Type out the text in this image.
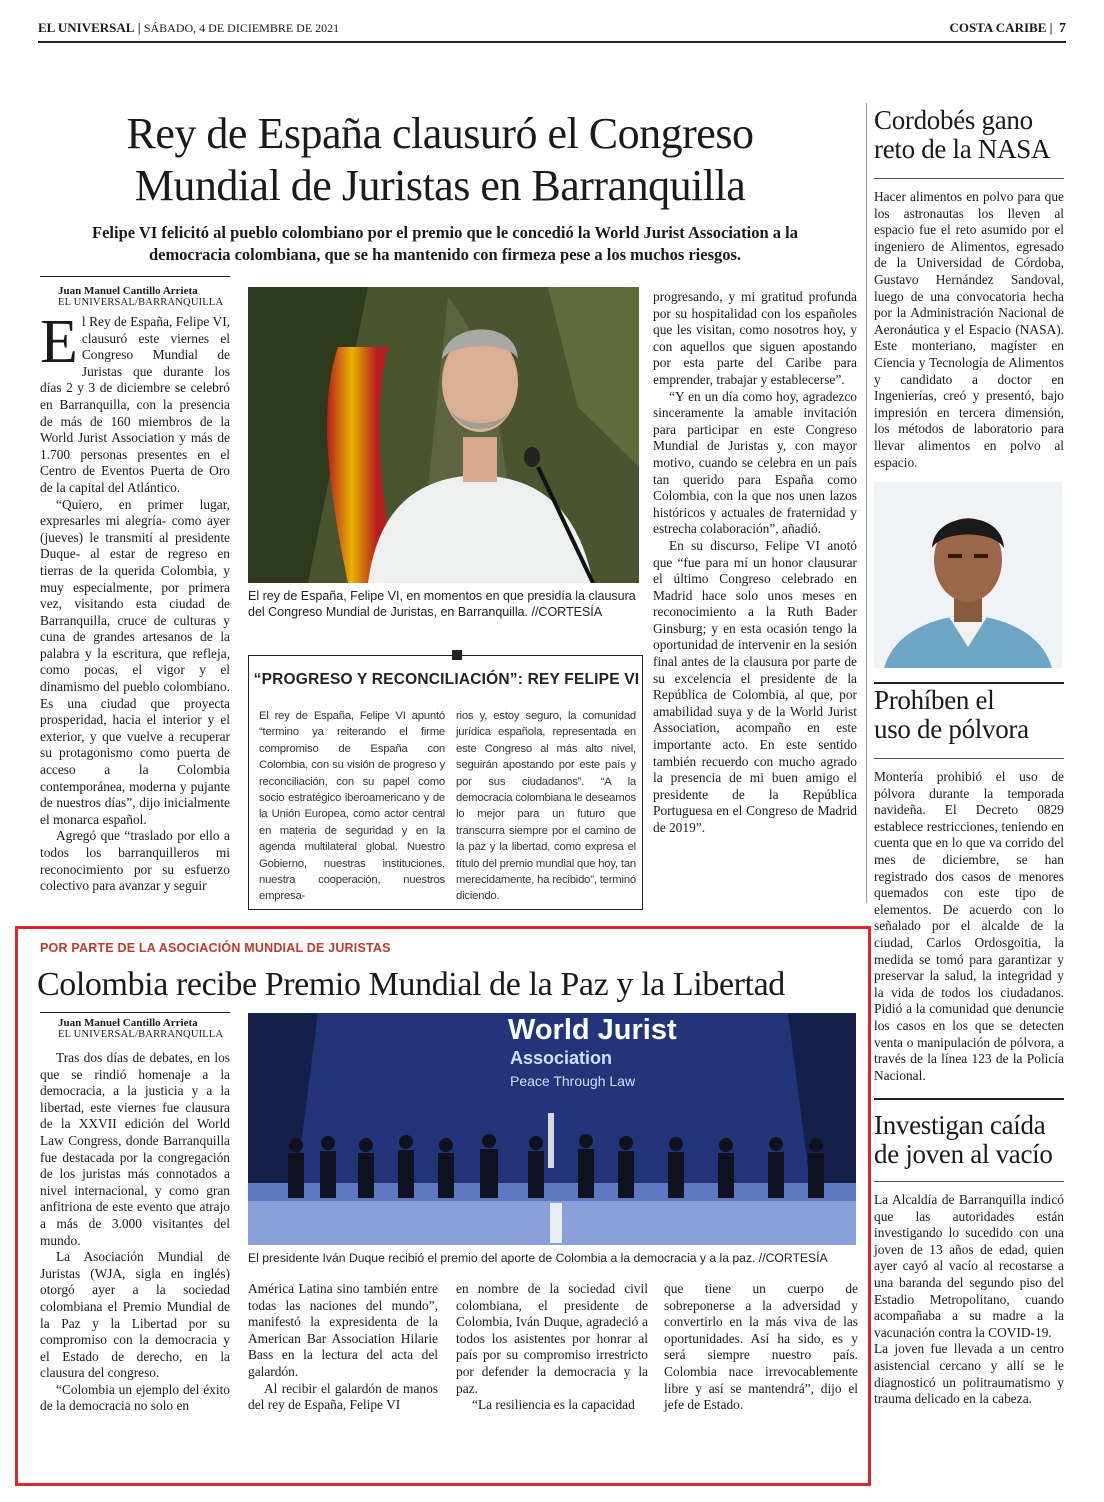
EL UNIVERSAL | SÁBADO, 4 DE DICIEMBRE DE 2021	COSTA CARIBE | 7
Rey de España clausuró el Congreso
Mundial de Juristas en Barranquilla
Felipe VI felicitó al pueblo colombiano por el premio que le concedió la World Jurist Association a la
democracia colombiana, que se ha mantenido con firmeza pese a los muchos riesgos.
Juan Manuel Cantillo Arrieta
EL UNIVERSAL/BARRANQUILLA

El Rey de España, Felipe VI, clausuró este viernes el Congreso Mundial de Juristas que durante los días 2 y 3 de diciembre se celebró en Barranquilla, con la presencia de más de 160 miembros de la World Jurist Association y más de 1.700 personas presentes en el Centro de Eventos Puerta de Oro de la capital del Atlántico.

“Quiero, en primer lugar, expresarles mi alegría- como ayer (jueves) le transmití al presidente Duque- al estar de regreso en tierras de la querida Colombia, y muy especialmente, por primera vez, visitando esta ciudad de Barranquilla, cruce de culturas y cuna de grandes artesanos de la palabra y la escritura, que refleja, como pocas, el vigor y el dinamismo del pueblo colombiano. Es una ciudad que proyecta prosperidad, hacia el interior y el exterior, y que vuelve a recuperar su protagonismo como puerta de acceso a la Colombia contemporánea, moderna y pujante de nuestros días”, dijo inicialmente el monarca español.

Agregó que “traslado por ello a todos los barranquilleros mi reconocimiento por su esfuerzo colectivo para avanzar y seguir

El rey de España, Felipe VI, en momentos en que presidía la clausura del Congreso Mundial de Juristas, en Barranquilla. //CORTESÍA

progresando, y mi gratitud profunda por su hospitalidad con los españoles que les visitan, como nosotros hoy, y con aquellos que siguen apostando por esta parte del Caribe para emprender, trabajar y establecerse”.

“Y en un día como hoy, agradezco sinceramente la amable invitación para participar en este Congreso Mundial de Juristas y, con mayor motivo, cuando se celebra en un país tan querido para España como Colombia, con la que nos unen lazos históricos y actuales de fraternidad y estrecha colaboración”, añadió.

En su discurso, Felipe VI anotó que “fue para mí un honor clausurar el último Congreso celebrado en Madrid hace solo unos meses en reconocimiento a la Ruth Bader Ginsburg; y en esta ocasión tengo la oportunidad de intervenir en la sesión final antes de la clausura por parte de su excelencia el presidente de la República de Colombia, al que, por amabilidad suya y de la World Jurist Association, acompaño en este importante acto. En este sentido también recuerdo con mucho agrado la presencia de mi buen amigo el presidente de la República Portuguesa en el Congreso de Madrid de 2019”.

“PROGRESO Y RECONCILIACIÓN”: REY FELIPE VI
El rey de España, Felipe VI apuntó “termino ya reiterando el firme compromiso de España con Colombia, con su visión de progreso y reconciliación, con su papel como socio estratégico iberoamericano y de la Unión Europea, como actor central en materia de seguridad y en la agenda multilateral global. Nuestro Gobierno, nuestras instituciones, nuestra cooperación, nuestros empresa-
rios y, estoy seguro, la comunidad jurídica española, representada en este Congreso al más alto nivel, seguirán apostando por este país y por sus ciudadanos”. “A la democracia colombiana le deseamos lo mejor para un futuro que transcurra siempre por el camino de la paz y la libertad, como expresa el título del premio mundial que hoy, tan merecidamente, ha recibido”, terminó diciendo.
Cordobés gano
reto de la NASA
Hacer alimentos en polvo para que los astronautas los lleven al espacio fue el reto asumido por el ingeniero de Alimentos, egresado de la Universidad de Córdoba, Gustavo Hernández Sandoval, luego de una convocatoria hecha por la Administración Nacional de Aeronáutica y el Espacio (NASA). Este monteriano, magíster en Ciencia y Tecnología de Alimentos y candidato a doctor en Ingenierías, creó y presentó, bajo impresión en tercera dimensión, los métodos de laboratorio para llevar alimentos en polvo al espacio.
Prohíben el
uso de pólvora
Montería prohibió el uso de pólvora durante la temporada navideña. El Decreto 0829 establece restricciones, teniendo en cuenta que en lo que va corrido del mes de diciembre, se han registrado dos casos de menores quemados con este tipo de elementos. De acuerdo con lo señalado por el alcalde de la ciudad, Carlos Ordosgoitia, la medida se tomó para garantizar y preservar la salud, la integridad y la vida de todos los ciudadanos. Pidió a la comunidad que denuncie los casos en los que se detecten venta o manipulación de pólvora, a través de la línea 123 de la Policía Nacional.
Investigan caída
de joven al vacío

La Alcaldía de Barranquilla indicó que las autoridades están investigando lo sucedido con una joven de 13 años de edad, quien ayer cayó al vacío al recostarse a una baranda del segundo piso del Estadio Metropolitano, cuando acompañaba a su madre a la vacunación contra la COVID-19.

La joven fue llevada a un centro asistencial cercano y allí se le diagnosticó un politraumatismo y trauma delicado en la cabeza.

POR PARTE DE LA ASOCIACIÓN MUNDIAL DE JURISTAS
Colombia recibe Premio Mundial de la Paz y la Libertad
Juan Manuel Cantillo Arrieta
EL UNIVERSAL/BARRANQUILLA

Tras dos días de debates, en los que se rindió homenaje a la democracia, a la justicia y a la libertad, este viernes fue clausura de la XXVII edición del World Law Congress, donde Barranquilla fue destacada por la congregación de los juristas más connotados a nivel internacional, y como gran anfitriona de este evento que atrajo a más de 3.000 visitantes del mundo.

La Asociación Mundial de Juristas (WJA, sigla en inglés) otorgó ayer a la sociedad colombiana el Premio Mundial de la Paz y la Libertad por su compromiso con la democracia y el Estado de derecho, en la clausura del congreso.

“Colombia un ejemplo del éxito de la democracia no solo en

World Jurist
Association
Peace Through Law
El presidente Iván Duque recibió el premio del aporte de Colombia a la democracia y a la paz. //CORTESÍA

América Latina sino también entre todas las naciones del mundo”, manifestó la expresidenta de la American Bar Association Hilarie Bass en la lectura del acta del galardón.

Al recibir el galardón de manos del rey de España, Felipe VI

en nombre de la sociedad civil colombiana, el presidente de Colombia, Iván Duque, agradeció a todos los asistentes por honrar al país por su compromiso irrestricto por defender la democracia y la paz.

“La resiliencia es la capacidad

que tiene un cuerpo de sobreponerse a la adversidad y convertirlo en la más viva de las oportunidades. Así ha sido, es y será siempre nuestro país. Colombia nace irrevocablemente libre y así se mantendrá”, dijo el jefe de Estado.
